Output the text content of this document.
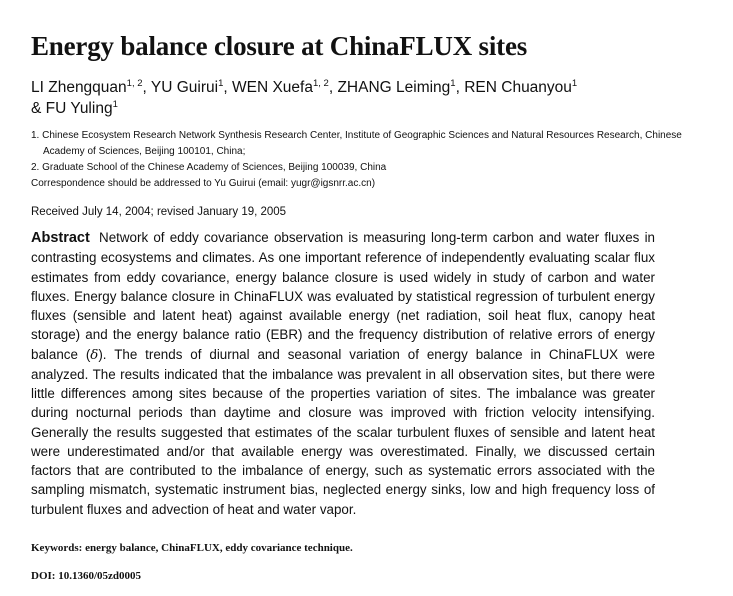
Energy balance closure at ChinaFLUX sites
LI Zhengquan$^{1, 2}$, YU Guirui$^1$, WEN Xuefa$^{1, 2}$, ZHANG Leiming$^1$, REN Chuanyou$^1$
& FU Yuling$^1$
1. Chinese Ecosystem Research Network Synthesis Research Center, Institute of Geographic Sciences and Natural Resources Research, Chinese Academy of Sciences, Beijing 100101, China;
2. Graduate School of the Chinese Academy of Sciences, Beijing 100039, China
Correspondence should be addressed to Yu Guirui (email: yugr@igsnrr.ac.cn)
Received July 14, 2004; revised January 19, 2005
Abstract Network of eddy covariance observation is measuring long-term carbon and water fluxes in contrasting ecosystems and climates. As one important reference of independently evaluating scalar flux estimates from eddy covariance, energy balance closure is used widely in study of carbon and water fluxes. Energy balance closure in ChinaFLUX was evaluated by statistical regression of turbulent energy fluxes (sensible and latent heat) against available energy (net radiation, soil heat flux, canopy heat storage) and the energy balance ratio (EBR) and the frequency distribution of relative errors of energy balance (δ). The trends of diurnal and seasonal variation of energy balance in ChinaFLUX were analyzed. The results indicated that the imbalance was prevalent in all observation sites, but there were little differences among sites because of the properties variation of sites. The imbalance was greater during nocturnal periods than daytime and closure was improved with friction velocity intensifying. Generally the results suggested that estimates of the scalar turbulent fluxes of sensible and latent heat were underestimated and/or that available energy was overestimated. Finally, we discussed certain factors that are contributed to the imbalance of energy, such as systematic errors associated with the sampling mismatch, systematic instrument bias, neglected energy sinks, low and high frequency loss of turbulent fluxes and advection of heat and water vapor.
Keywords: energy balance, ChinaFLUX, eddy covariance technique.
DOI: 10.1360/05zd0005
